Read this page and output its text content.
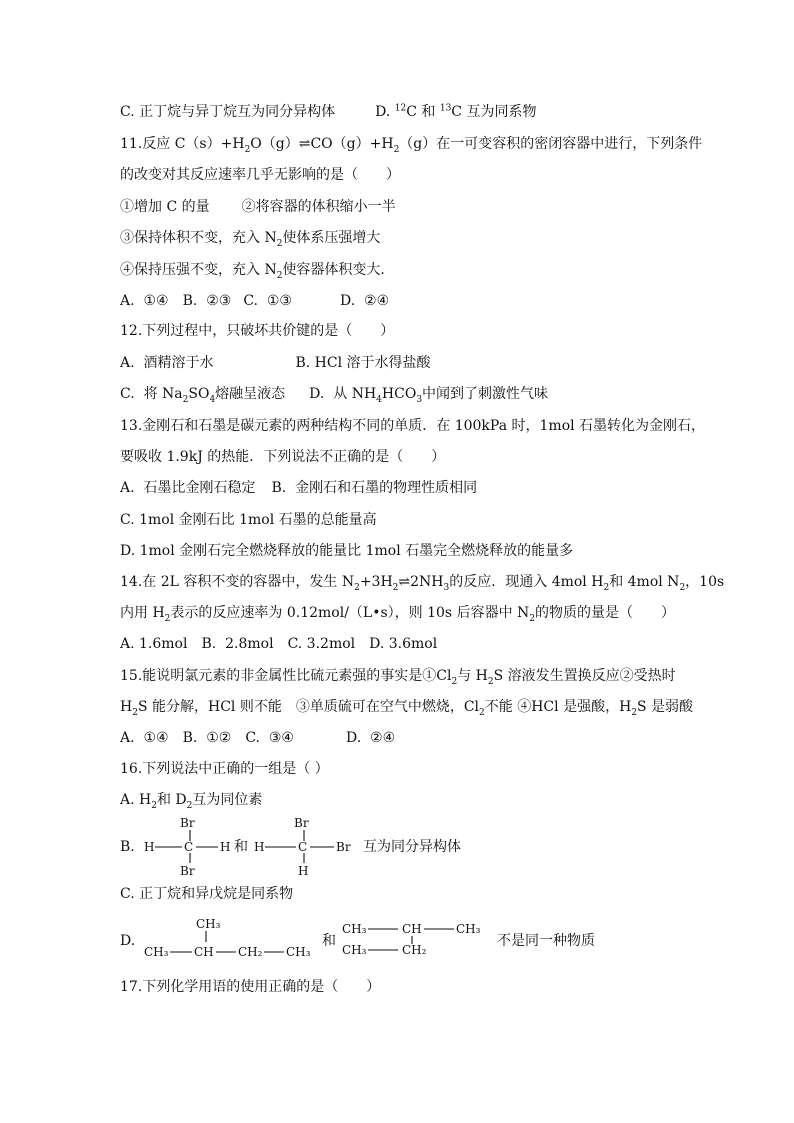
C. 正丁烷与异丁烷互为同分异构体	D. $^{12}$C 和 $^{13}$C 互为同系物
11.反应 $C(s)+H_2O(g)\rightleftharpoons CO(g)+H_2(g)$在一可变容积的密闭容器中进行，下列条件
的改变对其反应速率几乎无影响的是（　　）
①增加 C 的量 ②将容器的体积缩小一半
③保持体积不变，充入 $N_2$使体系压强增大
④保持压强不变，充入 $N_2$使容器体积变大．
A.  ①④ B.  ②③ C.  ①③	D.  ②④
12.下列过程中，只破坏共价键的是（　　）
A.  酒精溶于水	B. HCl 溶于水得盐酸
C.  将 $Na_2SO_4$熔融呈液态 D.  从 $NH_4HCO_3$中闻到了刺激性气味
13.金刚石和石墨是碳元素的两种结构不同的单质．在 100kPa 时，1mol 石墨转化为金刚石，
要吸收 1.9kJ 的热能．下列说法不正确的是（　　）
A.  石墨比金刚石稳定 B.  金刚石和石墨的物理性质相同
C. 1mol 金刚石比 1mol 石墨的总能量高
D. 1mol 金刚石完全燃烧释放的能量比 1mol 石墨完全燃烧释放的能量多
14.在 2L 容积不变的容器中，发生 $N_2+3H_2\rightleftharpoons 2NH_3$的反应．现通入 4mol $H_2$和 4mol $N_2$，10s
内用 $H_2$表示的反应速率为 0.12mol/（L•s），则 10s 后容器中 $N_2$的物质的量是（　　）
A. 1.6mol B.  2.8mol C. 3.2mol D. 3.6mol
15.能说明氯元素的非金属性比硫元素强的事实是$①Cl_2$与 $H_2S$ 溶液发生置换反应②受热时
$H_2S$ 能分解，HCl 则不能　③单质硫可在空气中燃烧，$Cl_2$不能 ④HCl 是强酸，$H_2S$ 是弱酸
A.  ①④ B.  ①② C.  ③④	D.  ②④
16.下列说法中正确的一组是（ ）
A. $H_2$和 $D_2$互为同位素
B.
Br
H C H
Br
和
Br
H	C Br
H
互为同分异构体
C. 正丁烷和异戊烷是同系物
D.
CH₃
CH₃ CH CH₂ CH₃
和
CH₃	CH	CH₃
CH₃	CH₂
不是同一种物质
17.下列化学用语的使用正确的是（　　）
